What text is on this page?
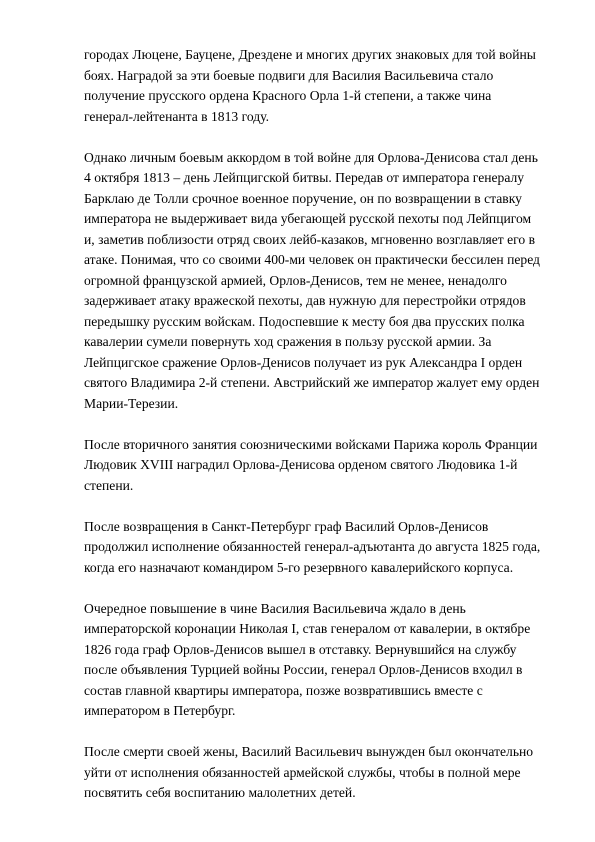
городах Люцене, Бауцене, Дрездене и многих других знаковых для той войны
боях. Наградой за эти боевые подвиги для Василия Васильевича стало
получение прусского ордена Красного Орла 1-й степени, а также чина
генерал-лейтенанта в 1813 году.

Однако личным боевым аккордом в той войне для Орлова-Денисова стал день
4 октября 1813 – день Лейпцигской битвы. Передав от императора генералу
Барклаю де Толли срочное военное поручение, он по возвращении в ставку
императора не выдерживает вида убегающей русской пехоты под Лейпцигом
и, заметив поблизости отряд своих лейб-казаков, мгновенно возглавляет его в
атаке. Понимая, что со своими 400-ми человек он практически бессилен перед
огромной французской армией, Орлов-Денисов, тем не менее, ненадолго
задерживает атаку вражеской пехоты, дав нужную для перестройки отрядов
передышку русским войскам. Подоспевшие к месту боя два прусских полка
кавалерии сумели повернуть ход сражения в пользу русской армии. За
Лейпцигское сражение Орлов-Денисов получает из рук Александра I орден
святого Владимира 2-й степени. Австрийский же император жалует ему орден
Марии-Терезии.

После вторичного занятия союзническими войсками Парижа король Франции
Людовик XVIII наградил Орлова-Денисова орденом святого Людовика 1-й
степени.

После возвращения в Санкт-Петербург граф Василий Орлов-Денисов
продолжил исполнение обязанностей генерал-адъютанта до августа 1825 года,
когда его назначают командиром 5-го резервного кавалерийского корпуса.

Очередное повышение в чине Василия Васильевича ждало в день
императорской коронации Николая I, став генералом от кавалерии, в октябре
1826 года граф Орлов-Денисов вышел в отставку. Вернувшийся на службу
после объявления Турцией войны России, генерал Орлов-Денисов входил в
состав главной квартиры императора, позже возвратившись вместе с
императором в Петербург.

После смерти своей жены, Василий Васильевич вынужден был окончательно
уйти от исполнения обязанностей армейской службы, чтобы в полной мере
посвятить себя воспитанию малолетних детей.
